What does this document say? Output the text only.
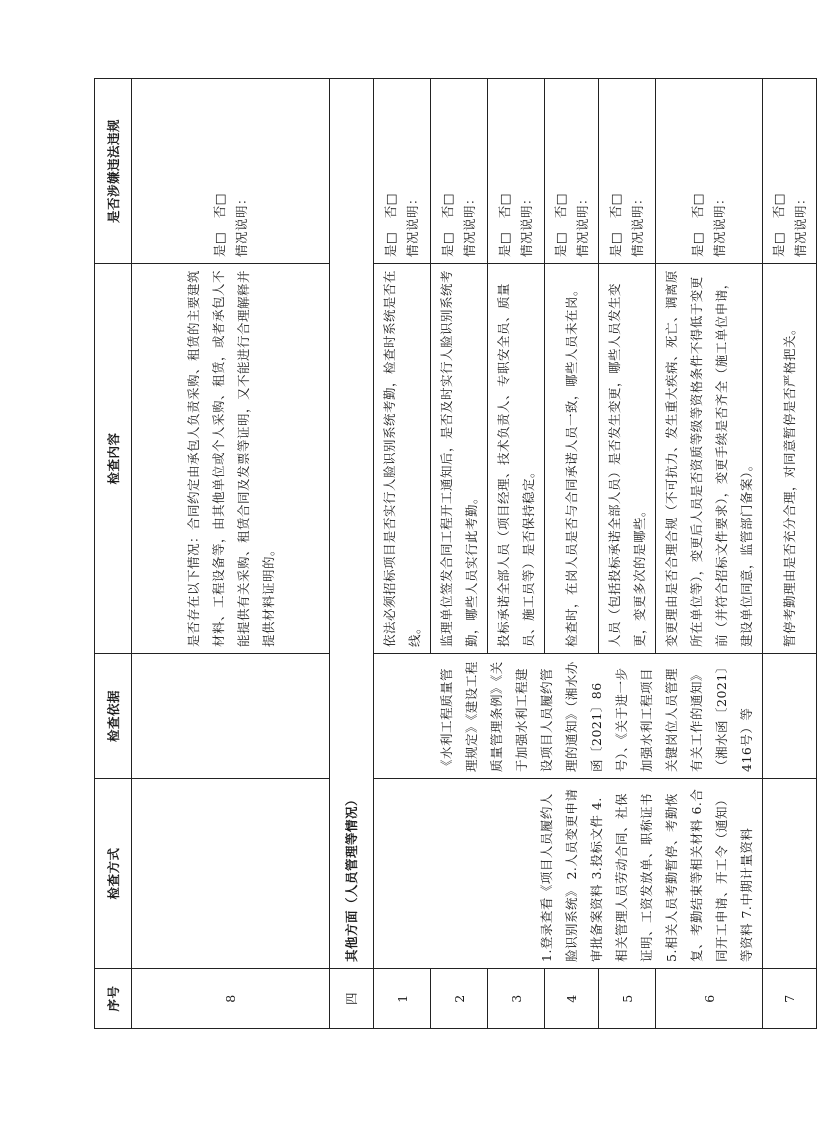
序号	检查方式	检查依据	检查内容	是否涉嫌违法违规
8			是否存在以下情况：合同约定由承包人负责采购、租赁的主要建筑材料、工程设备等，由其他单位或个人采购、租赁，或者承包人不能提供有关采购、租赁合同及发票等证明，又不能进行合理解释并提供材料证明的。	是□   否□ 情况说明：

四	其他方面（人员管理等情况）			
1	1.登录查看《项目人员履约人脸识别系统》 2.人员变更申请审批备案资料 3.投标文件 4.相关管理人员劳动合同、社保证明、工资发放单、职称证书 5.相关人员考勤暂停、考勤恢复、考勤结束等相关材料 6.合同开工申请、开工令（通知）等资料 7.中期计量资料	《水利工程质量管理规定》《建设工程质量管理条例》《关于加强水利工程建设项目人员履约管理的通知》（湘水办函〔2021〕86号）、《关于进一步加强水利工程项目关键岗位人员管理有关工作的通知》（湘水函〔2021〕416号）等	依法必须招标项目是否实行人脸识别系统考勤，检查时系统是否在线。	是□   否□ 情况说明：

2			监理单位签发合同工程开工通知后，是否及时实行人脸识别系统考勤，哪些人员实行此考勤。	是□   否□ 情况说明：

3			投标承诺全部人员（项目经理、技术负责人、专职安全员、质量员、施工员等）是否保持稳定。	是□   否□ 情况说明：

4			检查时，在岗人员是否与合同承诺人员一致，哪些人员未在岗。	是□   否□ 情况说明：

5			人员（包括投标承诺全部人员）是否发生变更，哪些人员发生变更，变更多次的是哪些。	是□   否□ 情况说明：

6			变更理由是否合理合规（不可抗力、发生重大疾病、死亡、调离原所在单位等），变更后人员是否资质等级等资格条件不得低于变更前（并符合招标文件要求），变更手续是否齐全（施工单位申请，建设单位同意，监管部门备案）。	是□   否□ 情况说明：

7			暂停考勤理由是否充分合理，对同意暂停是否严格把关。	是□   否□ 情况说明：
